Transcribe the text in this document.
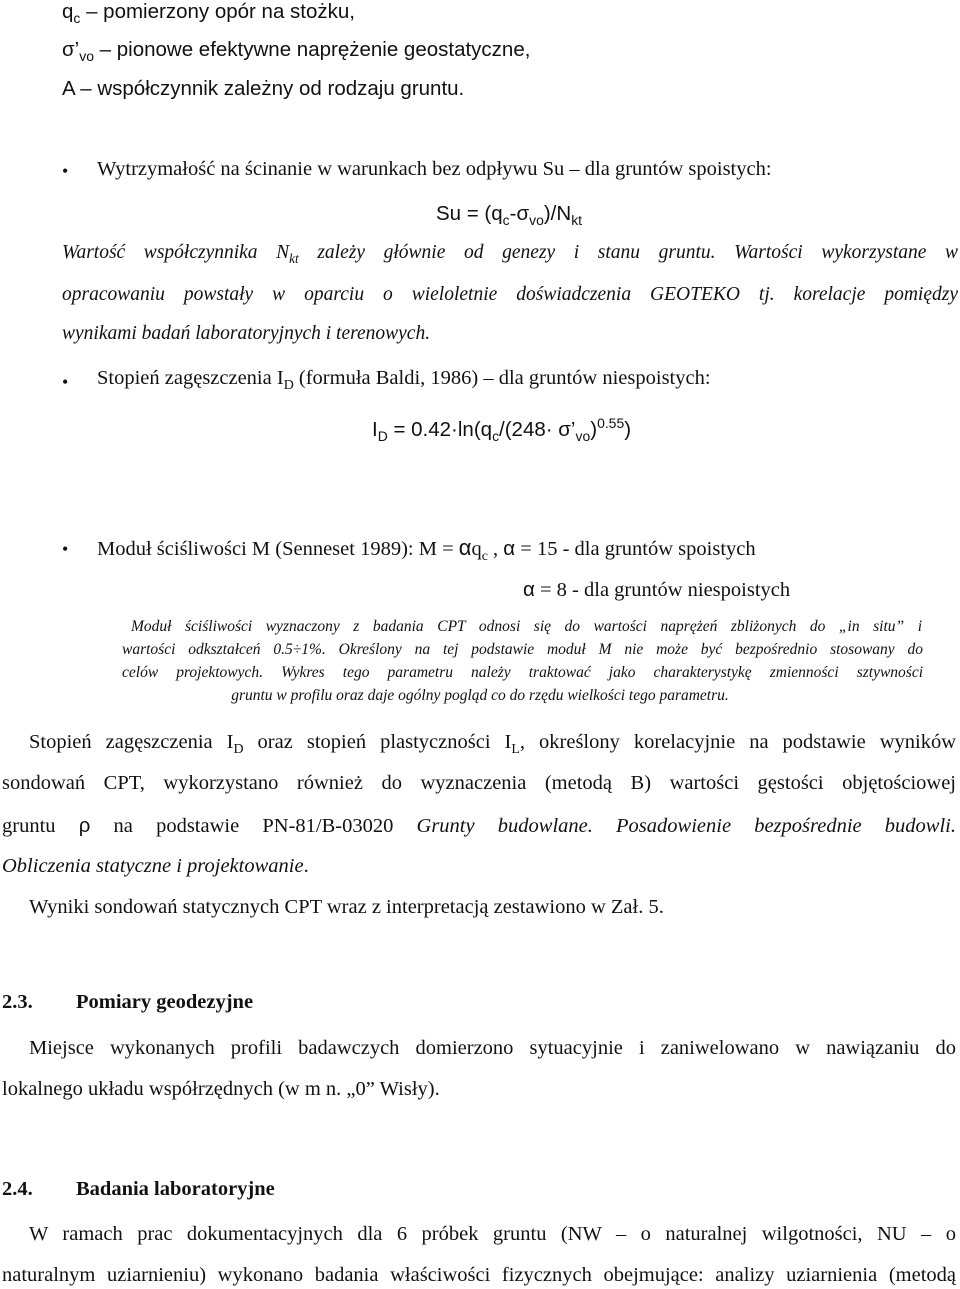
$q_c$ – pomierzony opór na stożku,
$\sigma’_{vo}$ – pionowe efektywne naprężenie geostatyczne,
A – współczynnik zależny od rodzaju gruntu.
• Wytrzymałość na ścinanie w warunkach bez odpływu Su – dla gruntów spoistych:
$Su = (q_c-\sigma_{vo})/N_{kt}$
Wartość współczynnika $N_{kt}$ zależy głównie od genezy i stanu gruntu. Wartości wykorzystane w
opracowaniu powstały w oparciu o wieloletnie doświadczenia GEOTEKO tj. korelacje pomiędzy
wynikami badań laboratoryjnych i terenowych.
• Stopień zagęszczenia $I_D$ (formuła Baldi, 1986) – dla gruntów niespoistych:
$I_D = 0.42\cdot\ln(q_c/(248\cdot$ $\sigma’_{vo})^{0.55}$)
• Moduł ściśliwości M (Senneset 1989): $M = \alpha q_c$ , α = 15 - dla gruntów spoistych
α = 8 - dla gruntów niespoistych
Moduł ściśliwości wyznaczony z badania CPT odnosi się do wartości naprężeń zbliżonych do „in situ” i
wartości odkształceń 0.5÷1%. Określony na tej podstawie moduł M nie może być bezpośrednio stosowany do
celów projektowych. Wykres tego parametru należy traktować jako charakterystykę zmienności sztywności
gruntu w profilu oraz daje ogólny pogląd co do rzędu wielkości tego parametru.
Stopień zagęszczenia $I_D$ oraz stopień plastyczności $I_L$, określony korelacyjnie na podstawie wyników
sondowań CPT, wykorzystano również do wyznaczenia (metodą B) wartości gęstości objętościowej
gruntu ρ na podstawie PN-81/B-03020 Grunty budowlane. Posadowienie bezpośrednie budowli.
Obliczenia statyczne i projektowanie.
Wyniki sondowań statycznych CPT wraz z interpretacją zestawiono w Zał. 5.
2.3. Pomiary geodezyjne
Miejsce wykonanych profili badawczych domierzono sytuacyjnie i zaniwelowano w nawiązaniu do
lokalnego układu współrzędnych (w m n. „0” Wisły).
2.4. Badania laboratoryjne
W ramach prac dokumentacyjnych dla 6 próbek gruntu (NW – o naturalnej wilgotności, NU – o
naturalnym uziarnieniu) wykonano badania właściwości fizycznych obejmujące: analizy uziarnienia (metodą
